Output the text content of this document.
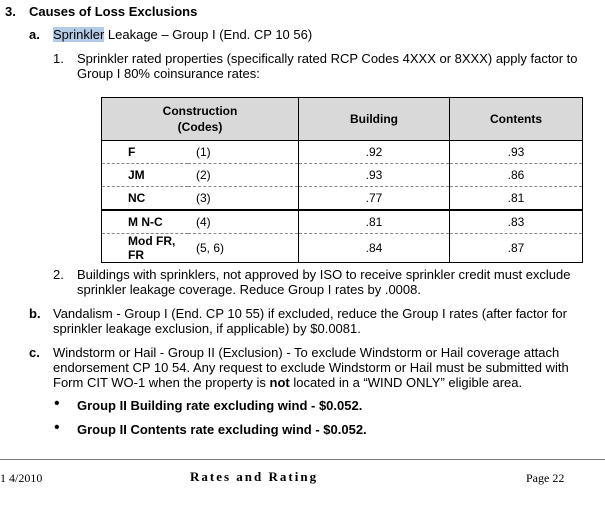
3. Causes of Loss Exclusions
a. Sprinkler Leakage – Group I (End. CP 10 56)
1. Sprinkler rated properties (specifically rated RCP Codes 4XXX or 8XXX) apply factor to

Group I 80% coinsurance rates:

Construction
(Codes)		Building	Contents
F	(1)	.92	.93
JM	(2)	.93	.86
NC	(3)	.77	.81
M N-C	(4)	.81	.83
Mod FR, FR	(5, 6)	.84	.87
2. Buildings with sprinklers, not approved by ISO to receive sprinkler credit must exclude

sprinkler leakage coverage. Reduce Group I rates by .0008.

b. Vandalism - Group I (End. CP 10 55) if excluded, reduce the Group I rates (after factor for

sprinkler leakage exclusion, if applicable) by $0.0081.

c. Windstorm or Hail - Group II (Exclusion) - To exclude Windstorm or Hail coverage attach

endorsement CP 10 54. Any request to exclude Windstorm or Hail must be submitted with

Form CIT WO-1 when the property is not located in a “WIND ONLY” eligible area.

• Group II Building rate excluding wind - $0.052.
• Group II Contents rate excluding wind - $0.052.
1 4/2010	Rates and Rating	Page 22
